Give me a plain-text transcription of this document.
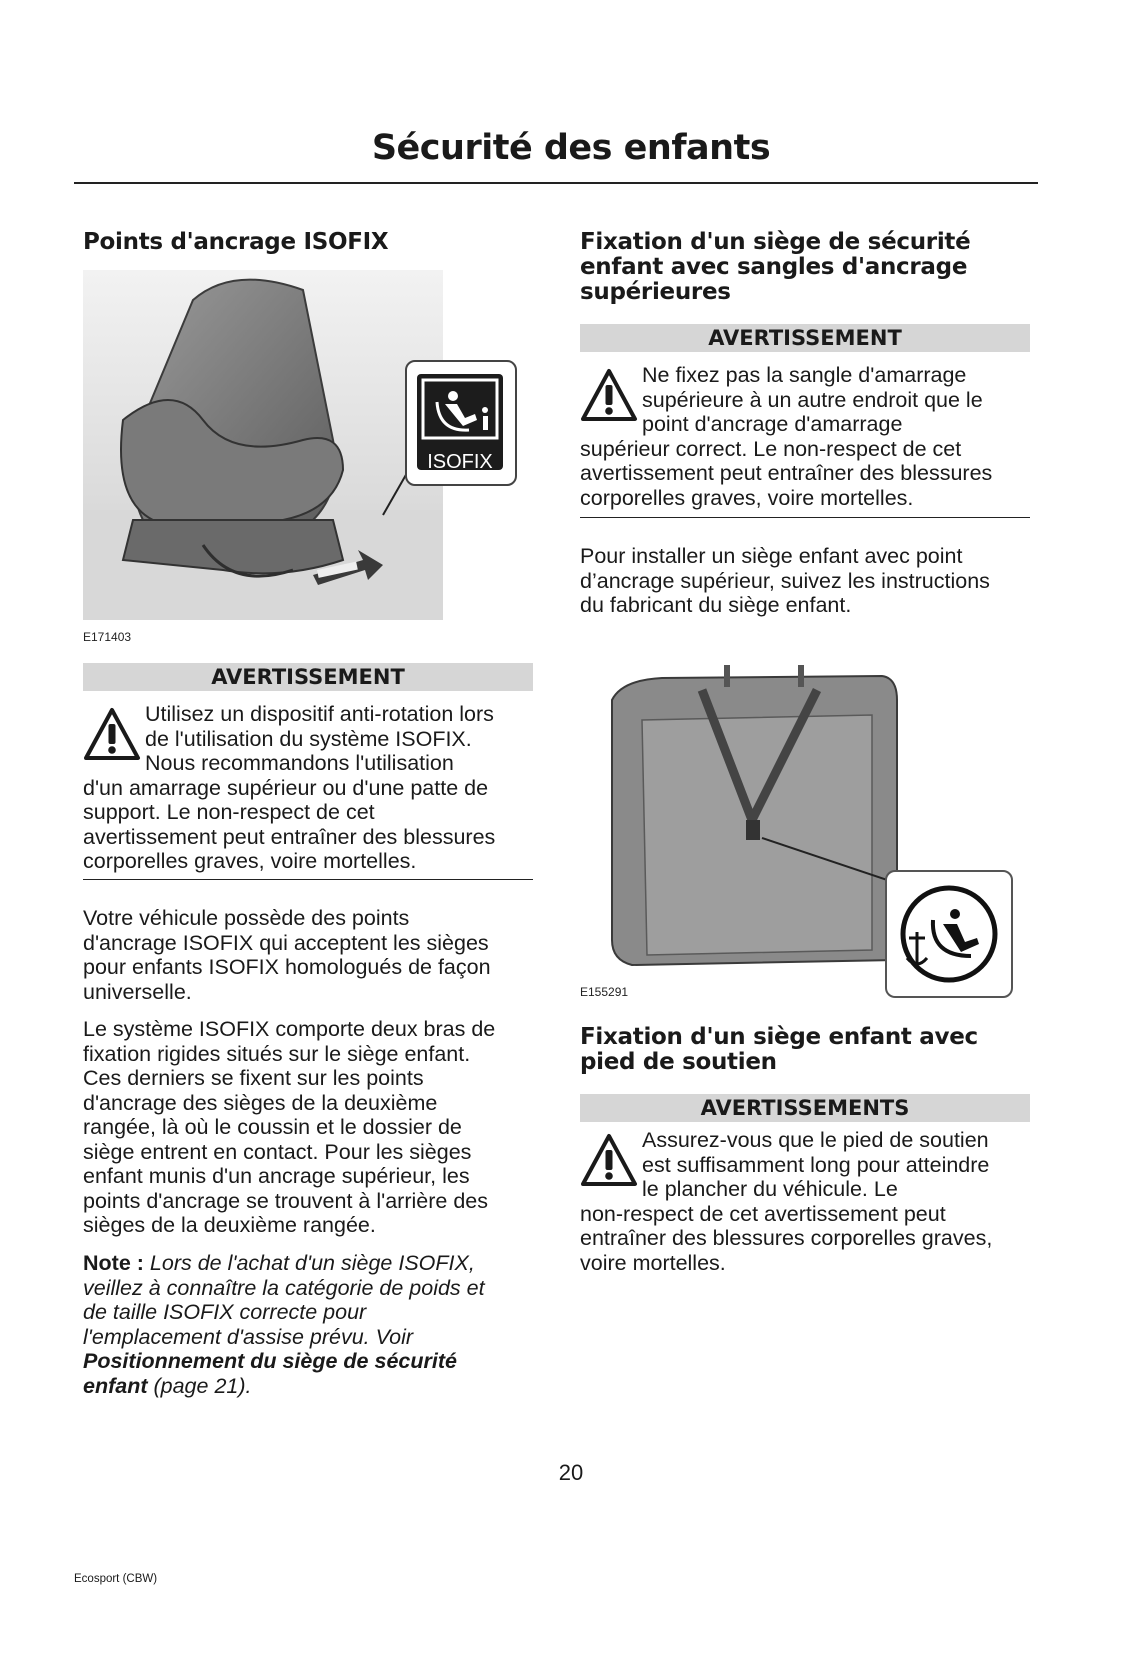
Sécurité des enfants
Points d'ancrage ISOFIX
ISOFIX
E171403
AVERTISSEMENT
Utilisez un dispositif anti-rotation lors
de l'utilisation du système ISOFIX.
Nous recommandons l'utilisation
d'un amarrage supérieur ou d'une patte de
support. Le non-respect de cet
avertissement peut entraîner des blessures
corporelles graves, voire mortelles.
Votre véhicule possède des points
d'ancrage ISOFIX qui acceptent les sièges
pour enfants ISOFIX homologués de façon
universelle.
Le système ISOFIX comporte deux bras de
fixation rigides situés sur le siège enfant.
Ces derniers se fixent sur les points
d'ancrage des sièges de la deuxième
rangée, là où le coussin et le dossier de
siège entrent en contact. Pour les sièges
enfant munis d'un ancrage supérieur, les
points d'ancrage se trouvent à l'arrière des
sièges de la deuxième rangée.
Note : Lors de l'achat d'un siège ISOFIX,
veillez à connaître la catégorie de poids et
de taille ISOFIX correcte pour
l'emplacement d'assise prévu. Voir
Positionnement du siège de sécurité
enfant (page 21).
Fixation d'un siège de sécurité
enfant avec sangles d'ancrage
supérieures
AVERTISSEMENT
Ne fixez pas la sangle d'amarrage
supérieure à un autre endroit que le
point d'ancrage d'amarrage
supérieur correct. Le non-respect de cet
avertissement peut entraîner des blessures
corporelles graves, voire mortelles.
Pour installer un siège enfant avec point
d’ancrage supérieur, suivez les instructions
du fabricant du siège enfant.
E155291
Fixation d'un siège enfant avec
pied de soutien
AVERTISSEMENTS
Assurez-vous que le pied de soutien
est suffisamment long pour atteindre
le plancher du véhicule. Le
non-respect de cet avertissement peut
entraîner des blessures corporelles graves,
voire mortelles.
20
Ecosport (CBW)
